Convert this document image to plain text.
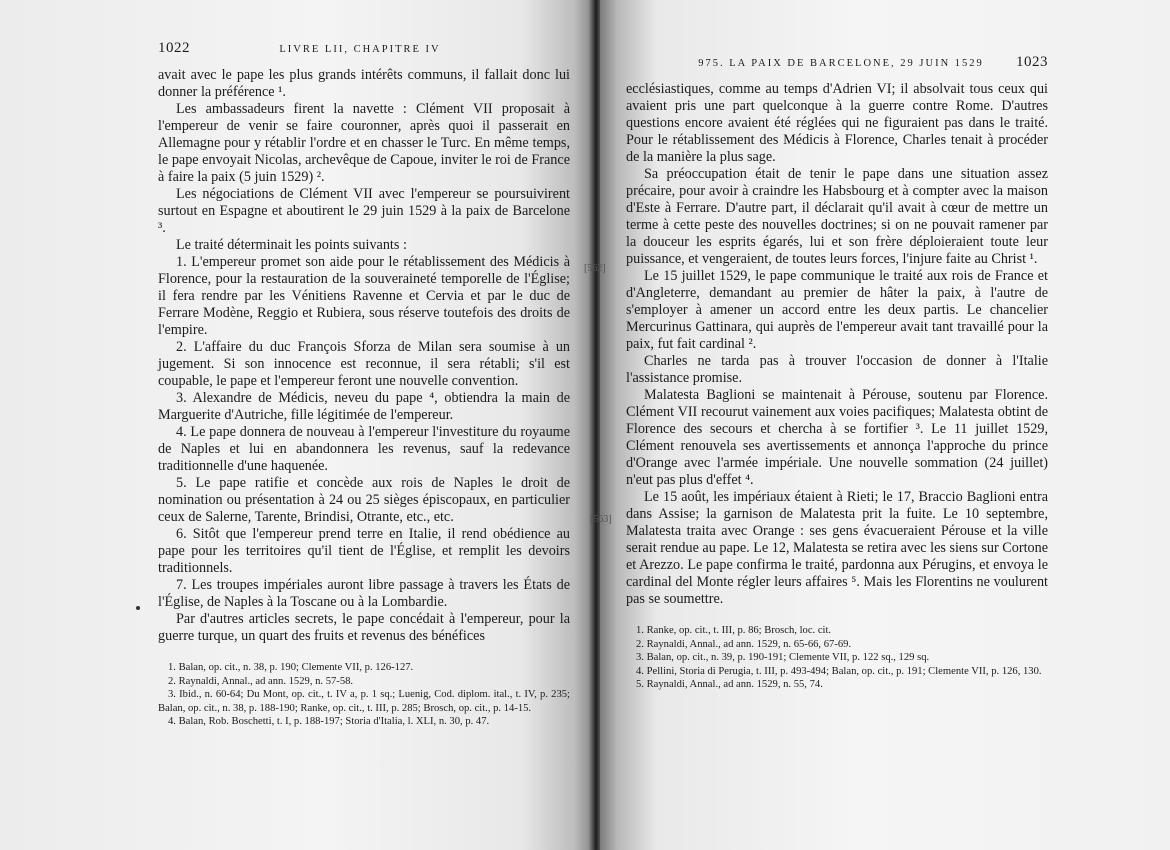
1022	LIVRE LII, CHAPITRE IV

avait avec le pape les plus grands intérêts communs, il fallait donc lui donner la préférence ¹.

Les ambassadeurs firent la navette : Clément VII proposait à l'empereur de venir se faire couronner, après quoi il passerait en Allemagne pour y rétablir l'ordre et en chasser le Turc. En même temps, le pape envoyait Nicolas, archevêque de Capoue, inviter le roi de France à faire la paix (5 juin 1529) ².

Les négociations de Clément VII avec l'empereur se poursuivirent surtout en Espagne et aboutirent le 29 juin 1529 à la paix de Barcelone ³.

Le traité déterminait les points suivants :

1. L'empereur promet son aide pour le rétablissement des Médicis à Florence, pour la restauration de la souveraineté temporelle de l'Église; il fera rendre par les Vénitiens Ravenne et Cervia et par le duc de Ferrare Modène, Reggio et Rubiera, sous réserve toutefois des droits de l'empire.

2. L'affaire du duc François Sforza de Milan sera soumise à un jugement. Si son innocence est reconnue, il sera rétabli; s'il est coupable, le pape et l'empereur feront une nouvelle convention.

3. Alexandre de Médicis, neveu du pape ⁴, obtiendra la main de Marguerite d'Autriche, fille légitimée de l'empereur.

4. Le pape donnera de nouveau à l'empereur l'investiture du royaume de Naples et lui en abandonnera les revenus, sauf la redevance traditionnelle d'une haquenée.

5. Le pape ratifie et concède aux rois de Naples le droit de nomination ou présentation à 24 ou 25 sièges épiscopaux, en particulier ceux de Salerne, Tarente, Brindisi, Otrante, etc., etc.

6. Sitôt que l'empereur prend terre en Italie, il rend obédience au pape pour les territoires qu'il tient de l'Église, et remplit les devoirs traditionnels.

7. Les troupes impériales auront libre passage à travers les États de l'Église, de Naples à la Toscane ou à la Lombardie.

Par d'autres articles secrets, le pape concédait à l'empereur, pour la guerre turque, un quart des fruits et revenus des bénéfices

1. Balan, op. cit., n. 38, p. 190; Clemente VII, p. 126-127.

2. Raynaldi, Annal., ad ann. 1529, n. 57-58.

3. Ibid., n. 60-64; Du Mont, op. cit., t. IV a, p. 1 sq.; Luenig, Cod. diplom. ital., t. IV, p. 235; Balan, op. cit., n. 38, p. 188-190; Ranke, op. cit., t. III, p. 285; Brosch, op. cit., p. 14-15.

4. Balan, Rob. Boschetti, t. I, p. 188-197; Storia d'Italia, l. XLI, n. 30, p. 47.

975. LA PAIX DE BARCELONE, 29 JUIN 1529 1023

ecclésiastiques, comme au temps d'Adrien VI; il absolvait tous ceux qui avaient pris une part quelconque à la guerre contre Rome. D'autres questions encore avaient été réglées qui ne figuraient pas dans le traité. Pour le rétablissement des Médicis à Florence, Charles tenait à procéder de la manière la plus sage.

Sa préoccupation était de tenir le pape dans une situation assez précaire, pour avoir à craindre les Habsbourg et à compter avec la maison d'Este à Ferrare. D'autre part, il déclarait qu'il avait à cœur de mettre un terme à cette peste des nouvelles doctrines; si on ne pouvait ramener par la douceur les esprits égarés, lui et son frère déploieraient toute leur puissance, et vengeraient, de toutes leurs forces, l'injure faite au Christ ¹.

Le 15 juillet 1529, le pape communique le traité aux rois de France et d'Angleterre, demandant au premier de hâter la paix, à l'autre de s'employer à amener un accord entre les deux partis. Le chancelier Mercurinus Gattinara, qui auprès de l'empereur avait tant travaillé pour la paix, fut fait cardinal ².

Charles ne tarda pas à trouver l'occasion de donner à l'Italie l'assistance promise.

Malatesta Baglioni se maintenait à Pérouse, soutenu par Florence. Clément VII recourut vainement aux voies pacifiques; Malatesta obtint de Florence des secours et chercha à se fortifier ³. Le 11 juillet 1529, Clément renouvela ses avertissements et annonça l'approche du prince d'Orange avec l'armée impériale. Une nouvelle sommation (24 juillet) n'eut pas plus d'effet ⁴.

Le 15 août, les impériaux étaient à Rieti; le 17, Braccio Baglioni entra dans Assise; la garnison de Malatesta prit la fuite. Le 10 septembre, Malatesta traita avec Orange : ses gens évacueraient Pérouse et la ville serait rendue au pape. Le 12, Malatesta se retira avec les siens sur Cortone et Arezzo. Le pape confirma le traité, pardonna aux Pérugins, et envoya le cardinal del Monte régler leurs affaires ⁵. Mais les Florentins ne voulurent pas se soumettre.

1. Ranke, op. cit., t. III, p. 86; Brosch, loc. cit.

2. Raynaldi, Annal., ad ann. 1529, n. 65-66, 67-69.

3. Balan, op. cit., n. 39, p. 190-191; Clemente VII, p. 122 sq., 129 sq.

4. Pellini, Storia di Perugia, t. III, p. 493-494; Balan, op. cit., p. 191; Clemente VII, p. 126, 130.

5. Raynaldi, Annal., ad ann. 1529, n. 55, 74.

[562]
[563]
